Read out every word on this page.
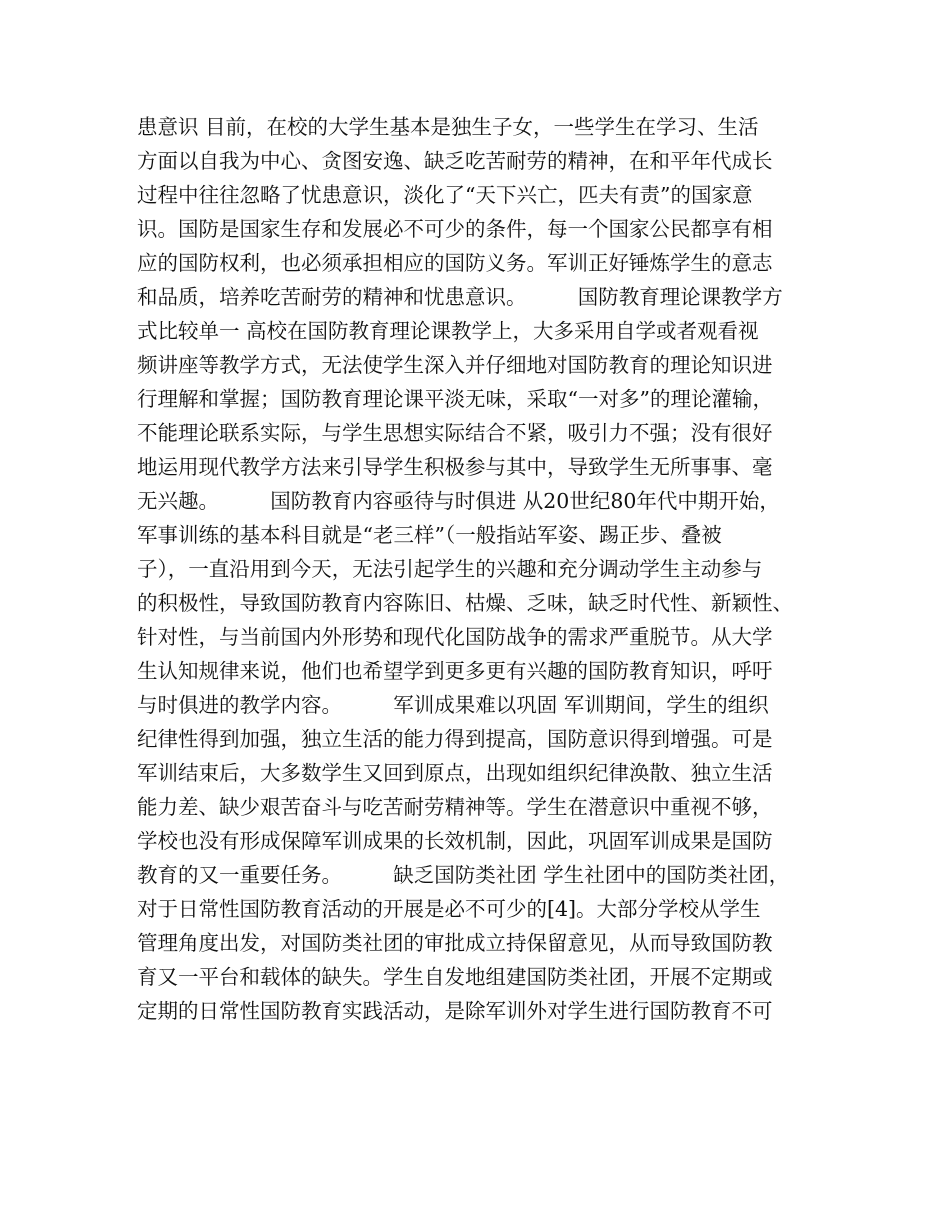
患意识 目前，在校的大学生基本是独生子女，一些学生在学习、生活
方面以自我为中心、贪图安逸、缺乏吃苦耐劳的精神，在和平年代成长
过程中往往忽略了忧患意识，淡化了“天下兴亡，匹夫有责”的国家意
识。国防是国家生存和发展必不可少的条件，每一个国家公民都享有相
应的国防权利，也必须承担相应的国防义务。军训正好锤炼学生的意志
和品质，培养吃苦耐劳的精神和忧患意识。　　　国防教育理论课教学方
式比较单一 高校在国防教育理论课教学上，大多采用自学或者观看视
频讲座等教学方式，无法使学生深入并仔细地对国防教育的理论知识进
行理解和掌握；国防教育理论课平淡无味，采取“一对多”的理论灌输，
不能理论联系实际，与学生思想实际结合不紧，吸引力不强；没有很好
地运用现代教学方法来引导学生积极参与其中，导致学生无所事事、毫
无兴趣。　　　国防教育内容亟待与时俱进 从20世纪80年代中期开始，
军事训练的基本科目就是“老三样”（一般指站军姿、踢正步、叠被
子），一直沿用到今天，无法引起学生的兴趣和充分调动学生主动参与
的积极性，导致国防教育内容陈旧、枯燥、乏味，缺乏时代性、新颖性、
针对性，与当前国内外形势和现代化国防战争的需求严重脱节。从大学
生认知规律来说，他们也希望学到更多更有兴趣的国防教育知识，呼吁
与时俱进的教学内容。　　　军训成果难以巩固 军训期间，学生的组织
纪律性得到加强，独立生活的能力得到提高，国防意识得到增强。可是
军训结束后，大多数学生又回到原点，出现如组织纪律涣散、独立生活
能力差、缺少艰苦奋斗与吃苦耐劳精神等。学生在潜意识中重视不够，
学校也没有形成保障军训成果的长效机制，因此，巩固军训成果是国防
教育的又一重要任务。　　　缺乏国防类社团 学生社团中的国防类社团，
对于日常性国防教育活动的开展是必不可少的[4]。大部分学校从学生
管理角度出发，对国防类社团的审批成立持保留意见，从而导致国防教
育又一平台和载体的缺失。学生自发地组建国防类社团，开展不定期或
定期的日常性国防教育实践活动，是除军训外对学生进行国防教育不可
